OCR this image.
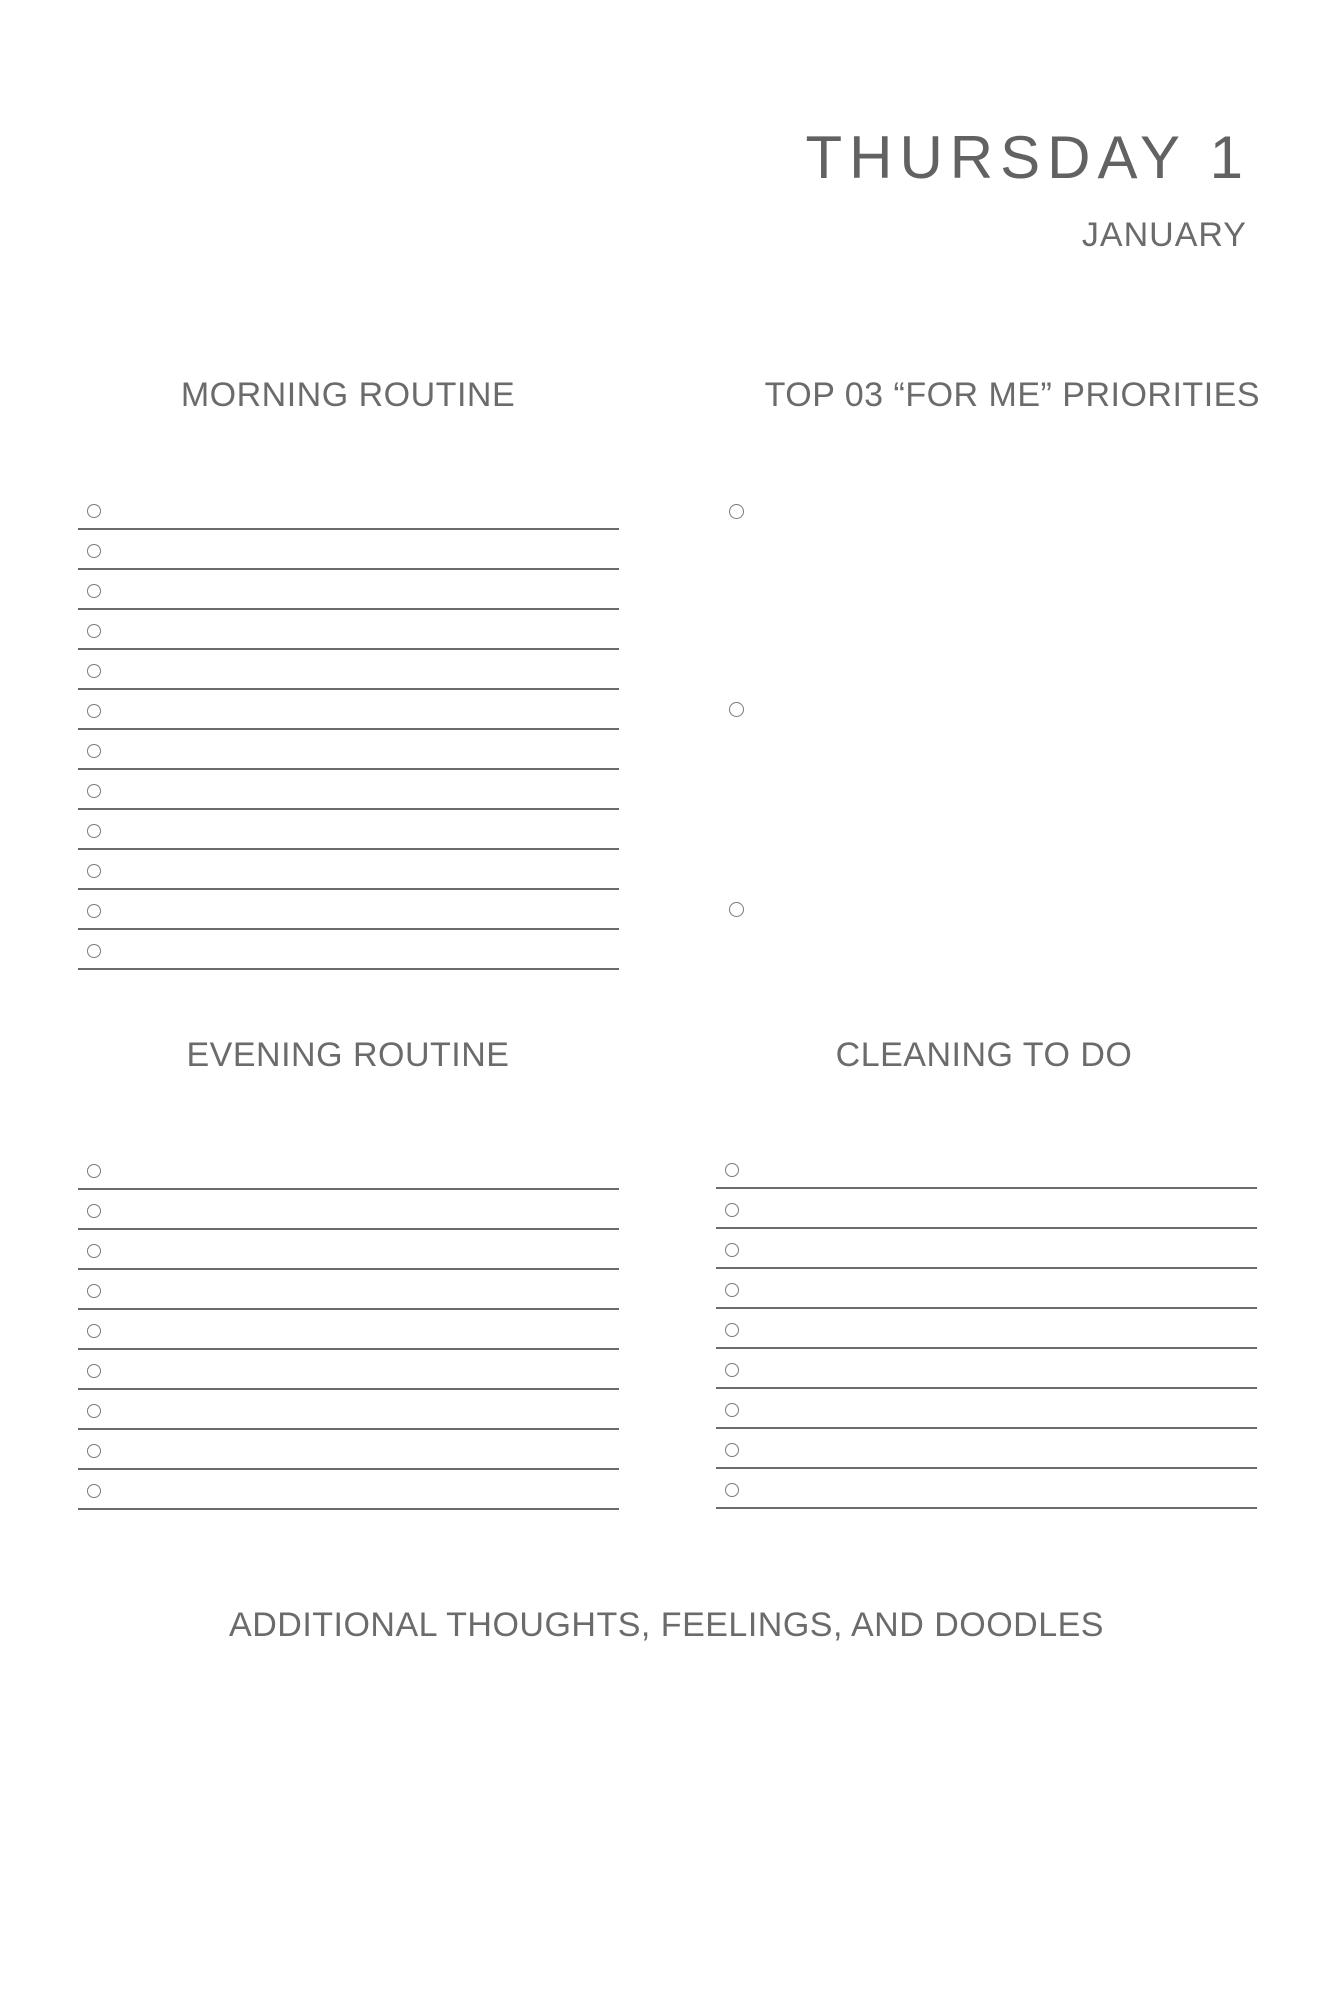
THURSDAY 1
JANUARY
MORNING ROUTINE	TOP 03 “FOR ME” PRIORITIES
EVENING ROUTINE	CLEANING TO DO
ADDITIONAL THOUGHTS, FEELINGS, AND DOODLES
